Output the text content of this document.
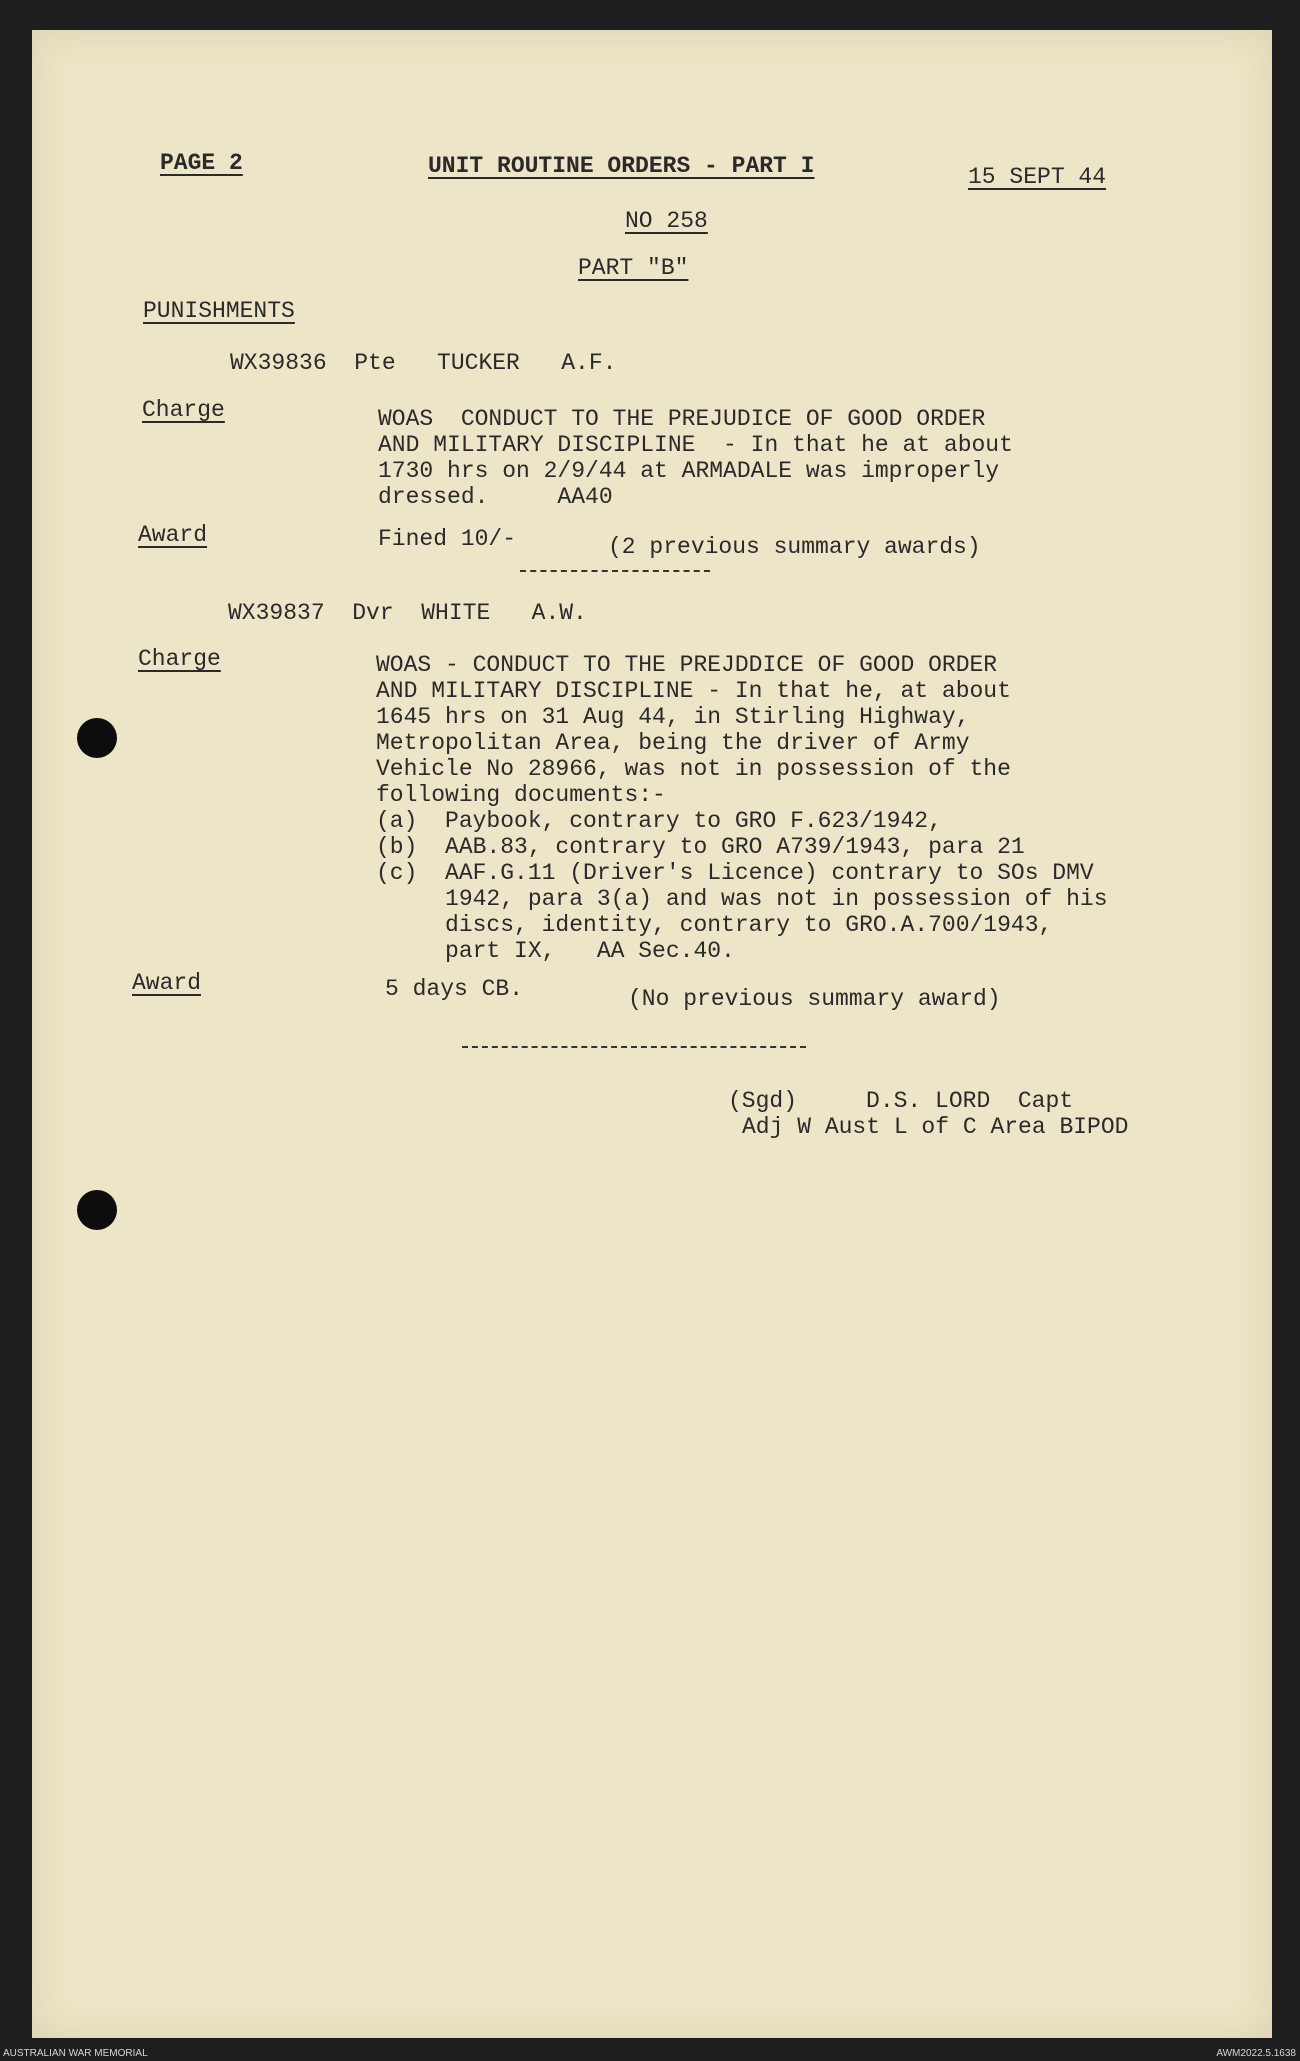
PAGE 2	UNIT ROUTINE ORDERS - PART I	15 SEPT 44
NO 258
PART "B"
PUNISHMENTS
WX39836  Pte   TUCKER   A.F.
Charge	WOAS  CONDUCT TO THE PREJUDICE OF GOOD ORDER
AND MILITARY DISCIPLINE  - In that he at about
1730 hrs on 2/9/44 at ARMADALE was improperly
dressed.     AA40
Award	Fined 10/-	(2 previous summary awards)
WX39837  Dvr  WHITE   A.W.
Charge	WOAS - CONDUCT TO THE PREJDDICE OF GOOD ORDER
AND MILITARY DISCIPLINE - In that he, at about
1645 hrs on 31 Aug 44, in Stirling Highway,
Metropolitan Area, being the driver of Army
Vehicle No 28966, was not in possession of the
following documents:-
(a)  Paybook, contrary to GRO F.623/1942,
(b)  AAB.83, contrary to GRO A739/1943, para 21
(c)  AAF.G.11 (Driver's Licence) contrary to SOs DMV
1942, para 3(a) and was not in possession of his
discs, identity, contrary to GRO.A.700/1943,
part IX,   AA Sec.40.
Award	5 days CB.	(No previous summary award)
(Sgd)     D.S. LORD  Capt
Adj W Aust L of C Area BIPOD
AUSTRALIAN WAR MEMORIAL	AWM2022.5.1638
